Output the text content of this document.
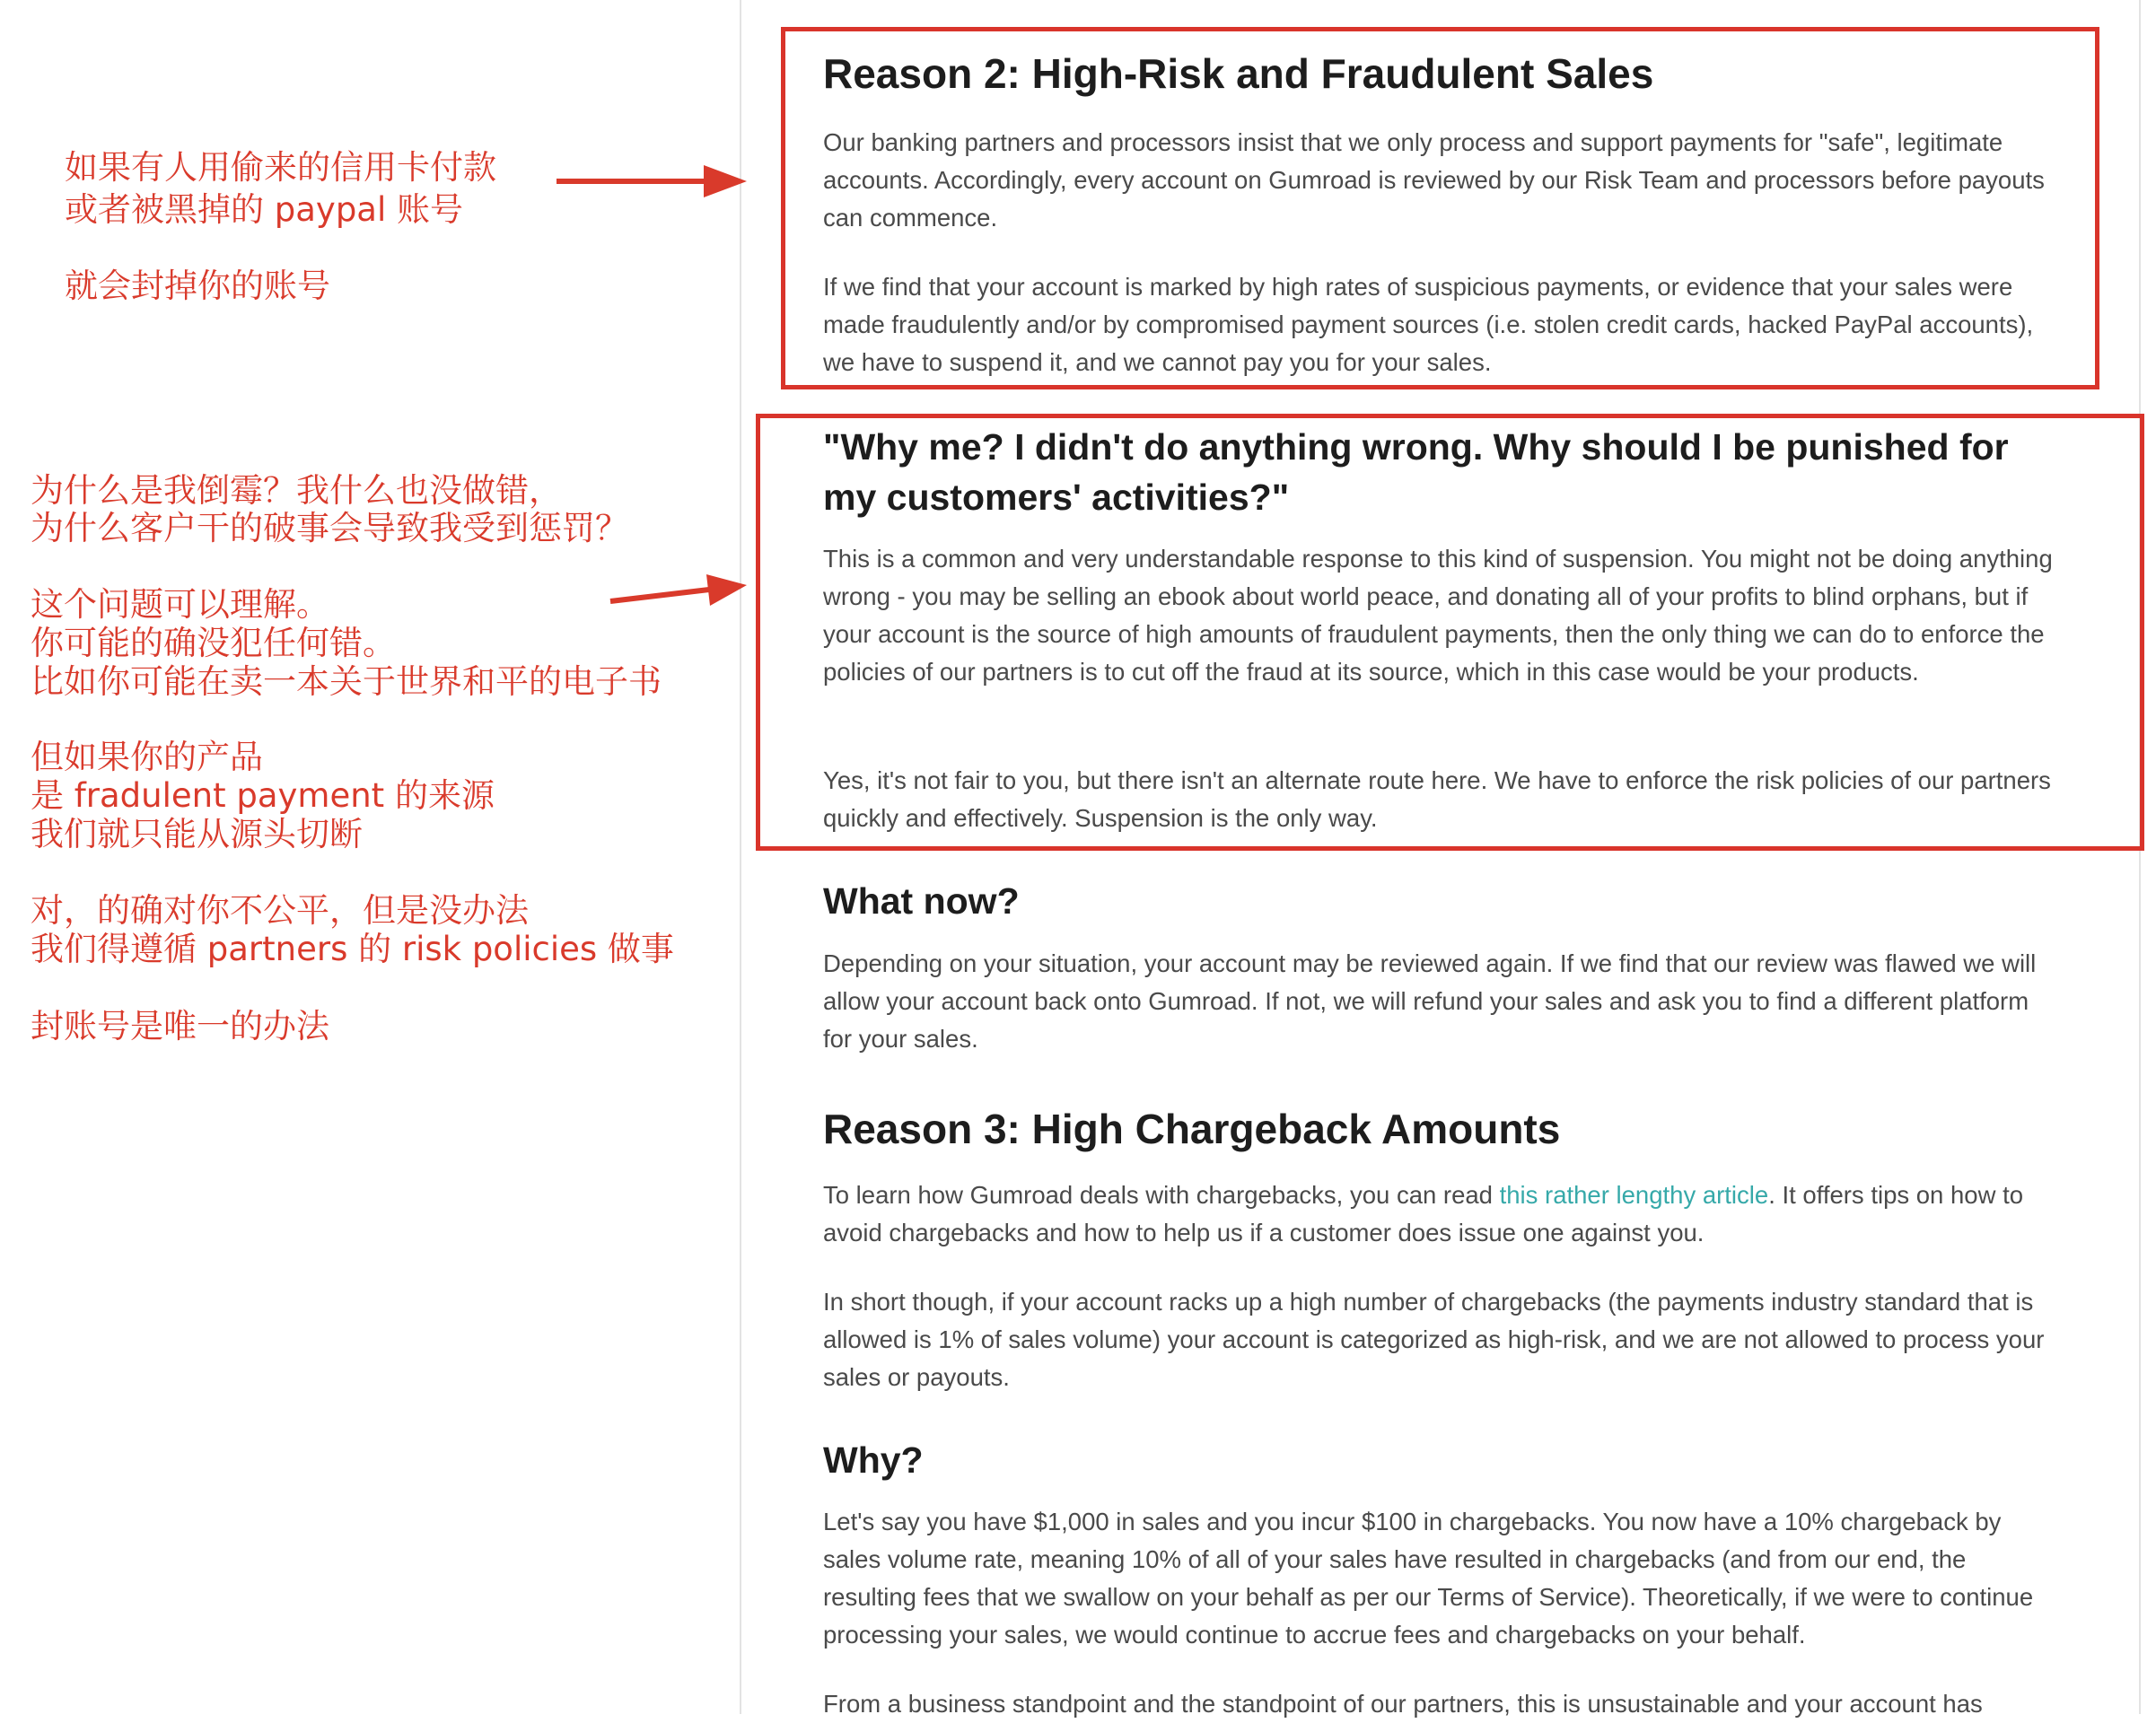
如果有人用偷来的信用卡付款

或者被黑掉的 paypal 账号

就会封掉你的账号

为什么是我倒霉？我什么也没做错，

为什么客户干的破事会导致我受到惩罚？

这个问题可以理解。

你可能的确没犯任何错。

比如你可能在卖一本关于世界和平的电子书

但如果你的产品

是 fradulent payment 的来源

我们就只能从源头切断

对，的确对你不公平，但是没办法

我们得遵循 partners 的 risk policies 做事

封账号是唯一的办法

Reason 2: High-Risk and Fraudulent Sales

Our banking partners and processors insist that we only process and support payments for "safe", legitimate accounts. Accordingly, every account on Gumroad is reviewed by our Risk Team and processors before payouts can commence.

If we find that your account is marked by high rates of suspicious payments, or evidence that your sales were made fraudulently and/or by compromised payment sources (i.e. stolen credit cards, hacked PayPal accounts), we have to suspend it, and we cannot pay you for your sales.

"Why me? I didn't do anything wrong. Why should I be punished for my customers' activities?"

This is a common and very understandable response to this kind of suspension. You might not be doing anything wrong - you may be selling an ebook about world peace, and donating all of your profits to blind orphans, but if your account is the source of high amounts of fraudulent payments, then the only thing we can do to enforce the policies of our partners is to cut off the fraud at its source, which in this case would be your products.

Yes, it's not fair to you, but there isn't an alternate route here. We have to enforce the risk policies of our partners quickly and effectively. Suspension is the only way.

What now?

Depending on your situation, your account may be reviewed again. If we find that our review was flawed we will allow your account back onto Gumroad. If not, we will refund your sales and ask you to find a different platform for your sales.

Reason 3: High Chargeback Amounts

To learn how Gumroad deals with chargebacks, you can read this rather lengthy article. It offers tips on how to avoid chargebacks and how to help us if a customer does issue one against you.

In short though, if your account racks up a high number of chargebacks (the payments industry standard that is allowed is 1% of sales volume) your account is categorized as high-risk, and we are not allowed to process your sales or payouts.

Why?

Let's say you have $1,000 in sales and you incur $100 in chargebacks. You now have a 10% chargeback by sales volume rate, meaning 10% of all of your sales have resulted in chargebacks (and from our end, the resulting fees that we swallow on your behalf as per our Terms of Service). Theoretically, if we were to continue processing your sales, we would continue to accrue fees and chargebacks on your behalf.

From a business standpoint and the standpoint of our partners, this is unsustainable and your account has
